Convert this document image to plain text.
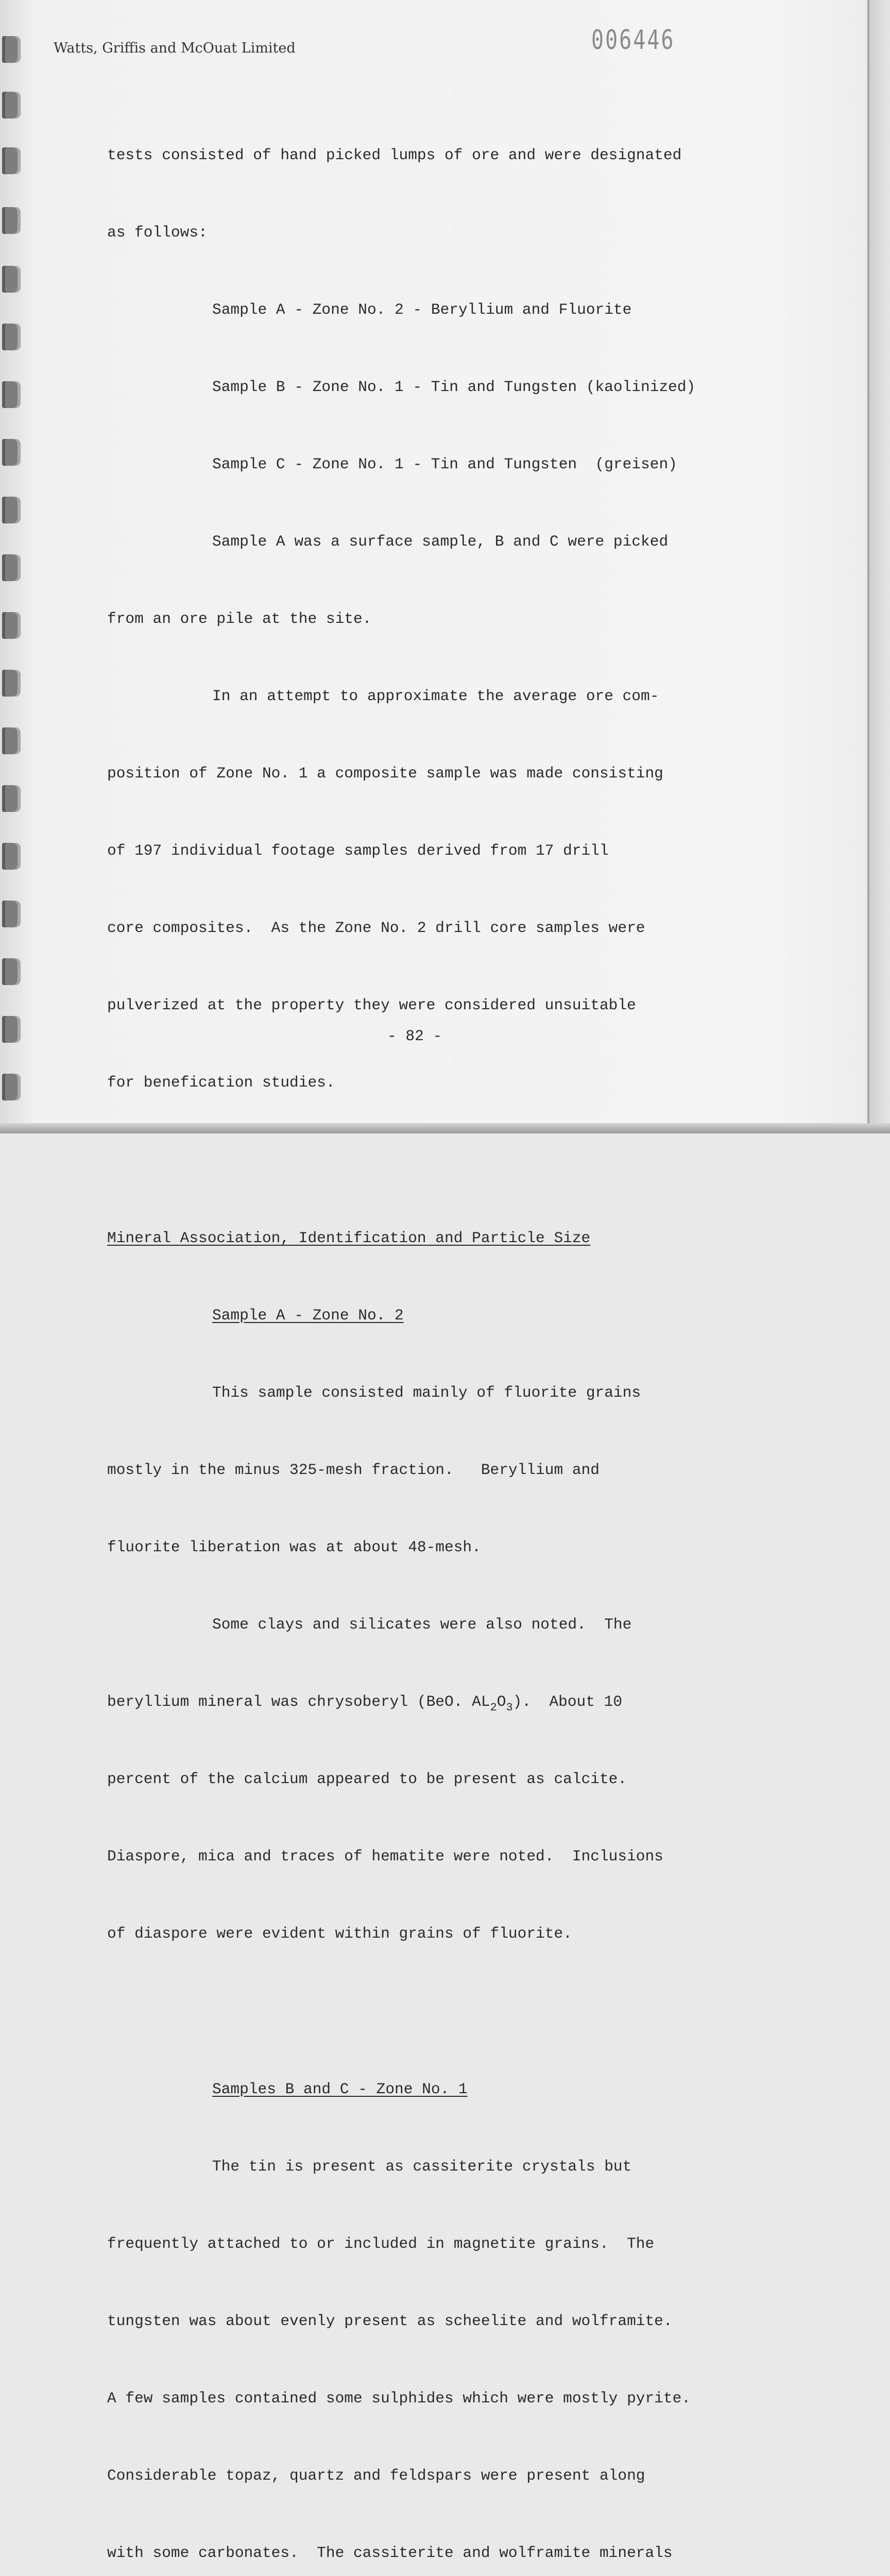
Watts, Griffis and McOuat Limited	006446

tests consisted of hand picked lumps of ore and were designated

as follows:

Sample A - Zone No. 2 - Beryllium and Fluorite

Sample B - Zone No. 1 - Tin and Tungsten (kaolinized)

Sample C - Zone No. 1 - Tin and Tungsten  (greisen)

Sample A was a surface sample, B and C were picked

from an ore pile at the site.

In an attempt to approximate the average ore com-

position of Zone No. 1 a composite sample was made consisting

of 197 individual footage samples derived from 17 drill

core composites.  As the Zone No. 2 drill core samples were

pulverized at the property they were considered unsuitable

for benefication studies.

Mineral Association, Identification and Particle Size

Sample A - Zone No. 2

This sample consisted mainly of fluorite grains

mostly in the minus 325-mesh fraction.   Beryllium and

fluorite liberation was at about 48-mesh.

Some clays and silicates were also noted.  The

beryllium mineral was chrysoberyl (BeO. $AL_2O_3$).  About 10

percent of the calcium appeared to be present as calcite.

Diaspore, mica and traces of hematite were noted.  Inclusions

of diaspore were evident within grains of fluorite.

Samples B and C - Zone No. 1

The tin is present as cassiterite crystals but

frequently attached to or included in magnetite grains.  The

tungsten was about evenly present as scheelite and wolframite.

A few samples contained some sulphides which were mostly pyrite.

Considerable topaz, quartz and feldspars were present along

with some carbonates.  The cassiterite and wolframite minerals

- 82 -
